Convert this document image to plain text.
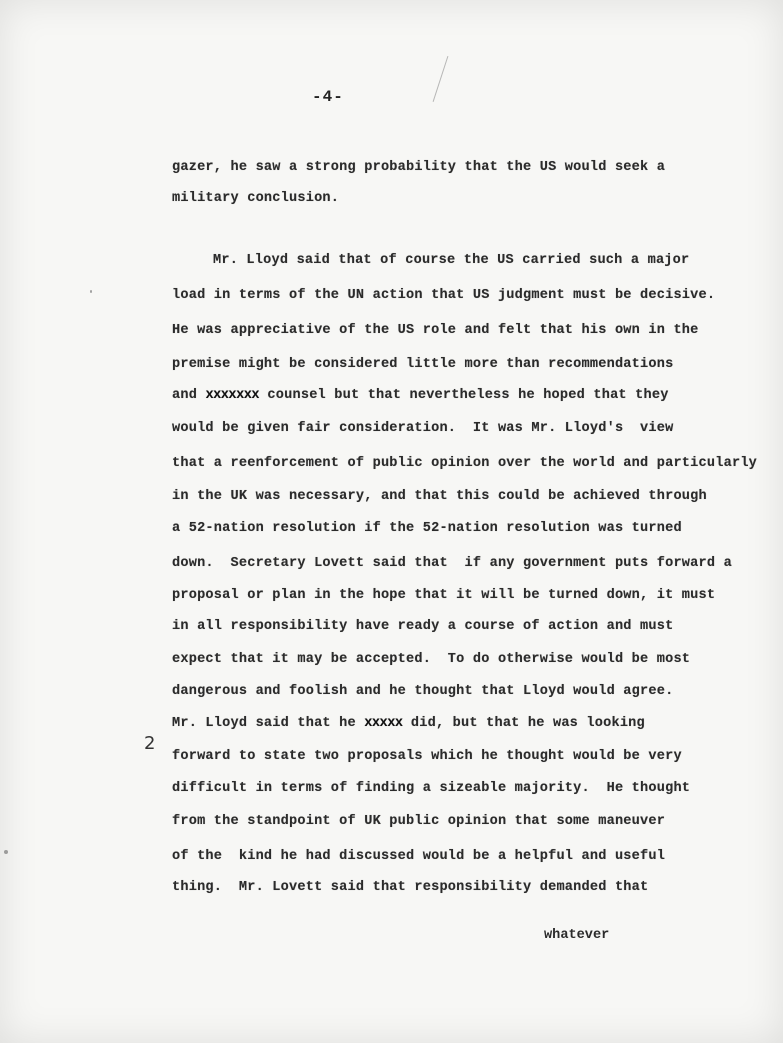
-4-
gazer, he saw a strong probability that the US would seek a
military conclusion.
Mr. Lloyd said that of course the US carried such a major
load in terms of the UN action that US judgment must be decisive.
He was appreciative of the US role and felt that his own in the
premise might be considered little more than recommendations
and xxxxxxx counsel but that nevertheless he hoped that they
would be given fair consideration.  It was Mr. Lloyd's  view
that a reenforcement of public opinion over the world and particularly
in the UK was necessary, and that this could be achieved through
a 52-nation resolution if the 52-nation resolution was turned
down.  Secretary Lovett said that  if any government puts forward a
proposal or plan in the hope that it will be turned down, it must
in all responsibility have ready a course of action and must
expect that it may be accepted.  To do otherwise would be most
dangerous and foolish and he thought that Lloyd would agree.
Mr. Lloyd said that he xxxxx did, but that he was looking
forward to state two proposals which he thought would be very
difficult in terms of finding a sizeable majority.  He thought
from the standpoint of UK public opinion that some maneuver
of the  kind he had discussed would be a helpful and useful
thing.  Mr. Lovett said that responsibility demanded that
2
whatever
